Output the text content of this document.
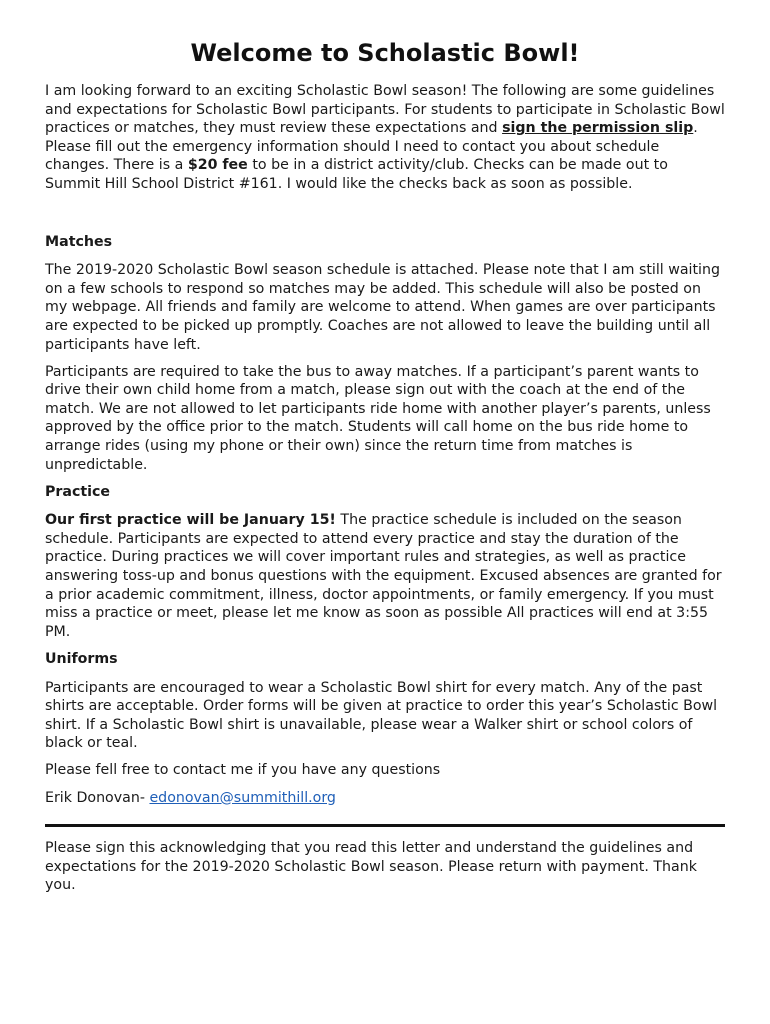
Welcome to Scholastic Bowl!

I am looking forward to an exciting Scholastic Bowl season! The following are some guidelines and expectations for Scholastic Bowl participants. For students to participate in Scholastic Bowl practices or matches, they must review these expectations and sign the permission slip. Please fill out the emergency information should I need to contact you about schedule changes. There is a $20 fee to be in a district activity/club. Checks can be made out to Summit Hill School District #161. I would like the checks back as soon as possible.

Matches

The 2019-2020 Scholastic Bowl season schedule is attached. Please note that I am still waiting on a few schools to respond so matches may be added. This schedule will also be posted on my webpage. All friends and family are welcome to attend. When games are over participants are expected to be picked up promptly. Coaches are not allowed to leave the building until all participants have left.

Participants are required to take the bus to away matches. If a participant’s parent wants to drive their own child home from a match, please sign out with the coach at the end of the match. We are not allowed to let participants ride home with another player’s parents, unless approved by the office prior to the match. Students will call home on the bus ride home to arrange rides (using my phone or their own) since the return time from matches is unpredictable.

Practice

Our first practice will be January 15! The practice schedule is included on the season schedule. Participants are expected to attend every practice and stay the duration of the practice. During practices we will cover important rules and strategies, as well as practice answering toss-up and bonus questions with the equipment. Excused absences are granted for a prior academic commitment, illness, doctor appointments, or family emergency. If you must miss a practice or meet, please let me know as soon as possible All practices will end at 3:55 PM.

Uniforms

Participants are encouraged to wear a Scholastic Bowl shirt for every match. Any of the past shirts are acceptable. Order forms will be given at practice to order this year’s Scholastic Bowl shirt. If a Scholastic Bowl shirt is unavailable, please wear a Walker shirt or school colors of black or teal.

Please fell free to contact me if you have any questions

Erik Donovan- edonovan@summithill.org

Please sign this acknowledging that you read this letter and understand the guidelines and expectations for the 2019-2020 Scholastic Bowl season. Please return with payment. Thank you.
